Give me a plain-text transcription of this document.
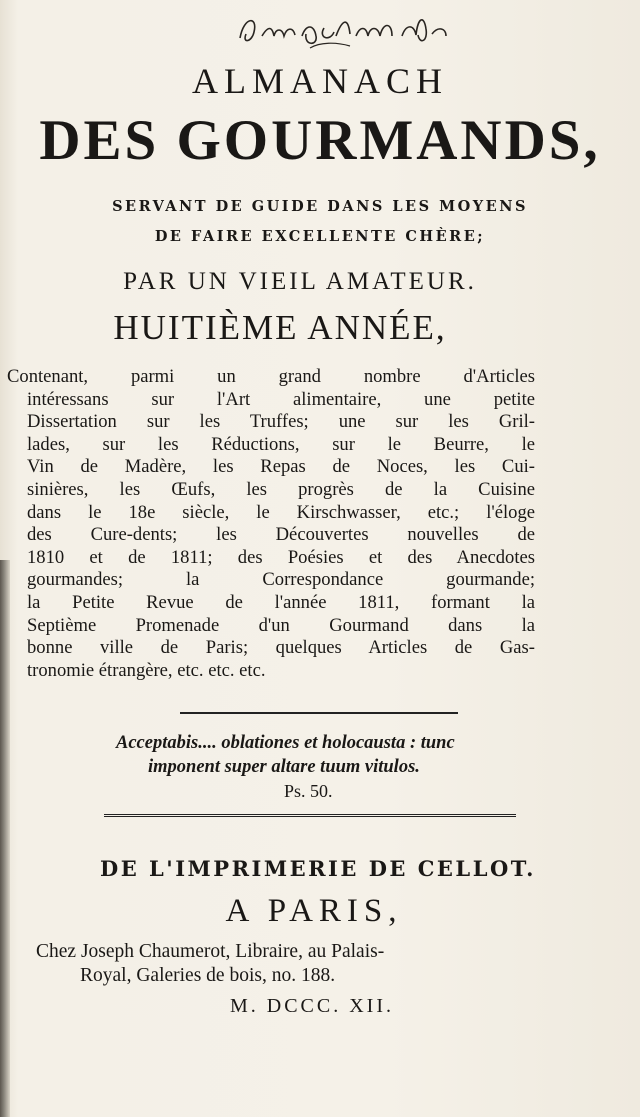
ALMANACH
DES GOURMANDS,
SERVANT DE GUIDE DANS LES MOYENS
DE FAIRE EXCELLENTE CHÈRE;
PAR UN VIEIL AMATEUR.
HUITIÈME ANNÉE,
Contenant, parmi un grand nombre d'Articles
intéressans sur l'Art alimentaire, une petite
Dissertation sur les Truffes; une sur les Gril-
lades, sur les Réductions, sur le Beurre, le
Vin de Madère, les Repas de Noces, les Cui-
sinières, les Œufs, les progrès de la Cuisine
dans le 18e siècle, le Kirschwasser, etc.; l'éloge
des Cure-dents; les Découvertes nouvelles de
1810 et de 1811; des Poésies et des Anecdotes
gourmandes; la Correspondance gourmande;
la Petite Revue de l'année 1811, formant la
Septième Promenade d'un Gourmand dans la
bonne ville de Paris; quelques Articles de Gas-
tronomie étrangère, etc. etc. etc.
Acceptabis.... oblationes et holocausta : tunc
imponent super altare tuum vitulos.
Ps. 50.
DE L'IMPRIMERIE DE CELLOT.
A PARIS,
Chez Joseph Chaumerot, Libraire, au Palais-
Royal, Galeries de bois, no. 188.
M. DCCC. XII.
